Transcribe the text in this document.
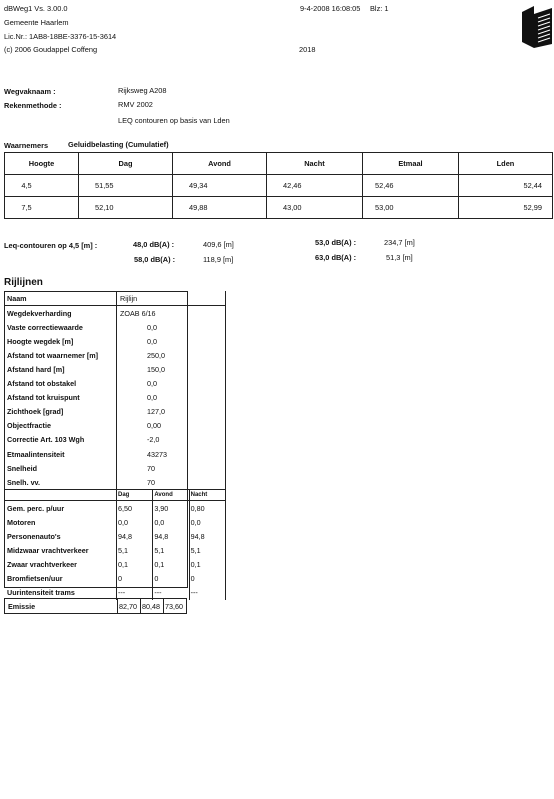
dBWeg1 Vs. 3.00.0
Gemeente Haarlem
Lic.Nr.: 1AB8-18BE-3376-15-3614
(c) 2006 Goudappel Coffeng
9-4-2008 16:08:05 Blz: 1
2018
Wegvaknaam :	Rijksweg A208
Rekenmethode :	RMV 2002
LEQ contouren op basis van Lden
Waarnemers	Geluidbelasting (Cumulatief)
Hoogte	Dag	Avond	Nacht	Etmaal	Lden
4,5	51,55	49,34	42,46	52,46	52,44
7,5	52,10	49,88	43,00	53,00	52,99
Leq-contouren op 4,5 [m] :	48,0 dB(A) :	409,6 [m]	53,0 dB(A) :	234,7 [m]
58,0 dB(A) :	118,9 [m]	63,0 dB(A) :	51,3 [m]
Rijlijnen
Naam	Rijlijn		
Wegdekverharding	ZOAB 6/16		
Vaste correctiewaarde	0,0		
Hoogte wegdek [m]	0,0		
Afstand tot waarnemer [m]	250,0		
Afstand hard [m]	150,0		
Afstand tot obstakel	0,0		
Afstand tot kruispunt	0,0		
Zichthoek [grad]	127,0		
Objectfractie	0,00		
Correctie Art. 103 Wgh	-2,0		
Etmaalintensiteit	43273		
Snelheid	70		
Snelh. vv.	70		
	Dag	Avond	Nacht
Gem. perc. p/uur	6,50	3,90	0,80
Motoren	0,0	0,0	0,0
Personenauto's	94,8	94,8	94,8
Midzwaar vrachtverkeer	5,1	5,1	5,1
Zwaar vrachtverkeer	0,1	0,1	0,1
Bromfietsen/uur	0	0	0
Uurintensiteit trams	---	---	---
Emissie	82,70	80,48	73,60
